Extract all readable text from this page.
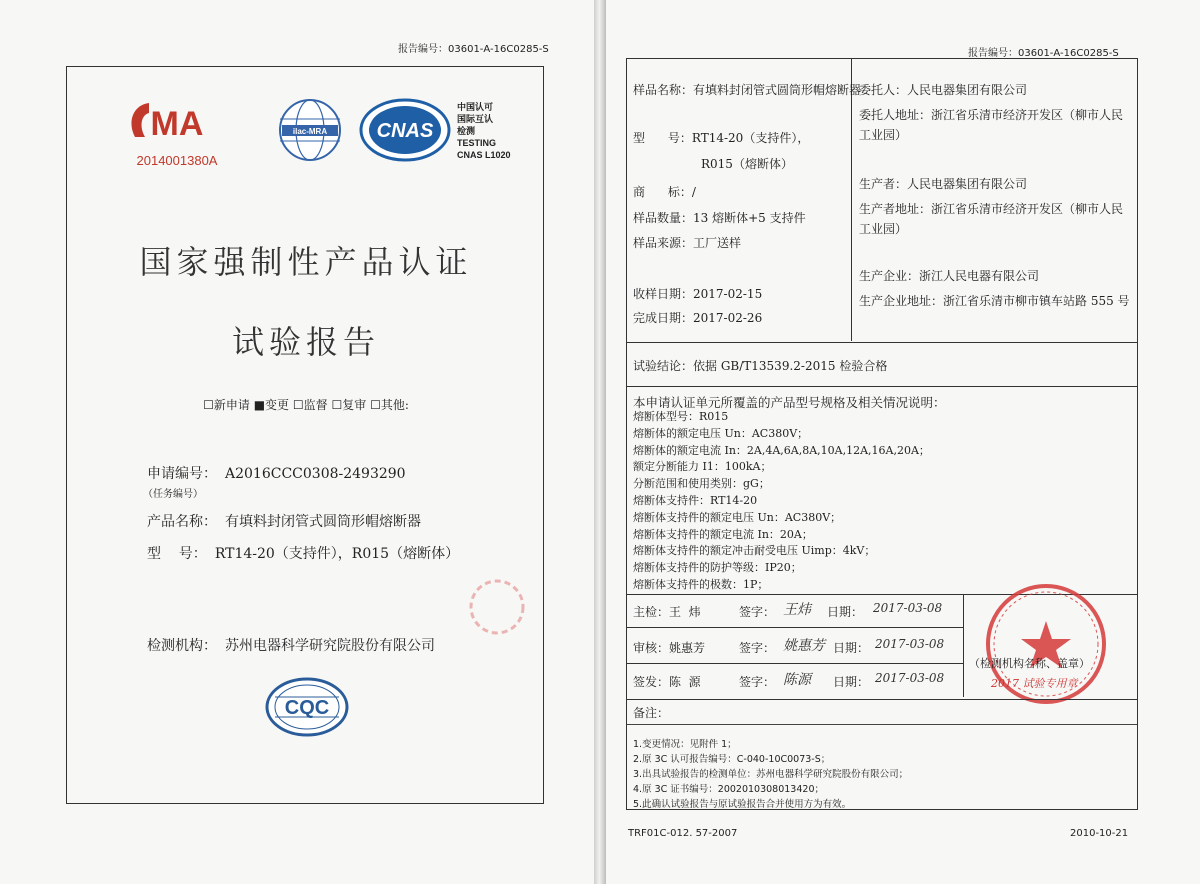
报告编号：03601-A-16C0285-S
MA
2014001380A
ilac-MRA CNAS
中国认可
国际互认
检测
TESTING
CNAS L1020
国家强制性产品认证
试验报告
☐新申请 ■变更 ☐监督 ☐复审 ☐其他:
申请编号： A2016CCC0308-2493290
（任务编号）
产品名称： 有填料封闭管式圆筒形帽熔断器
型    号： RT14-20（支持件），R015（熔断体）
检测机构： 苏州电器科学研究院股份有限公司
CQC
报告编号：03601-A-16C0285-S
样品名称：有填料封闭管式圆筒形帽熔断器
型      号：RT14-20（支持件），
R015（熔断体）
商      标：/
样品数量：13 熔断体+5 支持件
样品来源：工厂送样
收样日期：2017-02-15
完成日期：2017-02-26
委托人：人民电器集团有限公司
委托人地址：浙江省乐清市经济开发区（柳市人民工业园）
生产者：人民电器集团有限公司
生产者地址：浙江省乐清市经济开发区（柳市人民工业园）
生产企业：浙江人民电器有限公司
生产企业地址：浙江省乐清市柳市镇车站路 555 号
试验结论：依据 GB/T13539.2-2015 检验合格
本申请认证单元所覆盖的产品型号规格及相关情况说明：
熔断体型号：R015
熔断体的额定电压 Un：AC380V；
熔断体的额定电流 In：2A,4A,6A,8A,10A,12A,16A,20A；
额定分断能力 I1：100kA；
分断范围和使用类别：gG；
熔断体支持件：RT14-20
熔断体支持件的额定电压 Un：AC380V；
熔断体支持件的额定电流 In：20A；
熔断体支持件的额定冲击耐受电压 Uimp：4kV；
熔断体支持件的防护等级：IP20；
熔断体支持件的极数：1P；
主检：王  炜	签字： 王炜 日期： 2017-03-08
审核：姚惠芳	签字： 姚惠芳 日期： 2017-03-08
签发：陈  源	签字： 陈源 日期： 2017-03-08
（检测机构名称、盖章）
2017 试验专用章
备注：
1.变更情况：见附件 1；
2.原 3C 认可报告编号：C-040-10C0073-S；
3.出具试验报告的检测单位：苏州电器科学研究院股份有限公司；
4.原 3C 证书编号：2002010308013420；
5.此确认试验报告与原试验报告合并使用方为有效。
TRF01C-012. 57-2007	2010-10-21
